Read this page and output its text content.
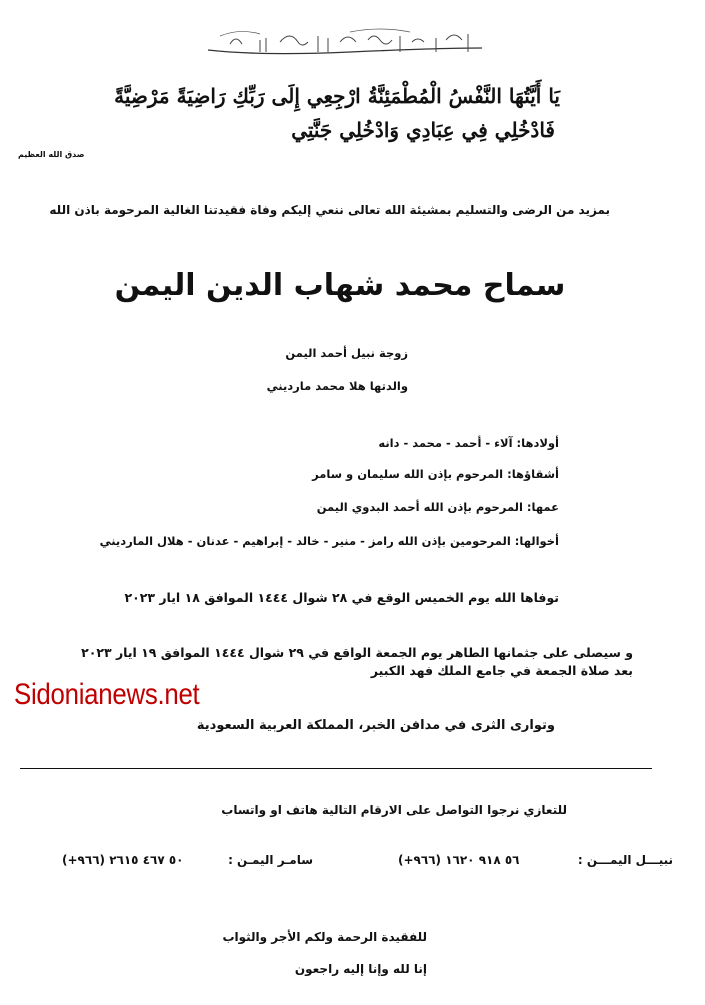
يَا أَيَّتُهَا النَّفْسُ الْمُطْمَئِنَّةُ ارْجِعِي إِلَى رَبِّكِ رَاضِيَةً مَرْضِيَّةً
فَادْخُلِي فِي عِبَادِي وَادْخُلِي جَنَّتِي
صدق الله العظيم
بمزيد من الرضى والتسليم بمشيئة الله تعالى ننعي إليكم وفاة فقيدتنا الغالية المرحومة باذن الله
سماح محمد شهاب الدين اليمن
زوجة نبيل أحمد اليمن
والدتها هلا محمد مارديني
أولادها: آلاء - أحمد - محمد - دانه
أشقاؤها: المرحوم بإذن الله سليمان و سامر
عمها: المرحوم بإذن الله أحمد البدوي اليمن
أخوالها: المرحومين بإذن الله رامز - منير - خالد - إبراهيم - عدنان - هلال المارديني
توفاها الله يوم الخميس الوقع في ٢٨ شوال ١٤٤٤ الموافق ١٨ ايار ٢٠٢٣
و سيصلى على جثمانها الطاهر يوم الجمعة الواقع في ٢٩ شوال ١٤٤٤ الموافق ١٩ ايار ٢٠٢٣
بعد صلاة الجمعة في جامع الملك فهد الكبير
وتوارى الثرى في مدافن الخبر، المملكة العربية السعودية
Sidonianews.net
للتعازي نرجوا التواصل على الارقام التالية هاتف او واتساب
نبيـــل اليمـــن :
(+٩٦٦) ٥٦ ٩١٨ ١٦٢٠
سامـر اليمـن :
(+٩٦٦) ٥٠ ٤٦٧ ٢٦١٥
للفقيدة الرحمة ولكم الأجر والثواب
إنا لله وإنا إليه راجعون
